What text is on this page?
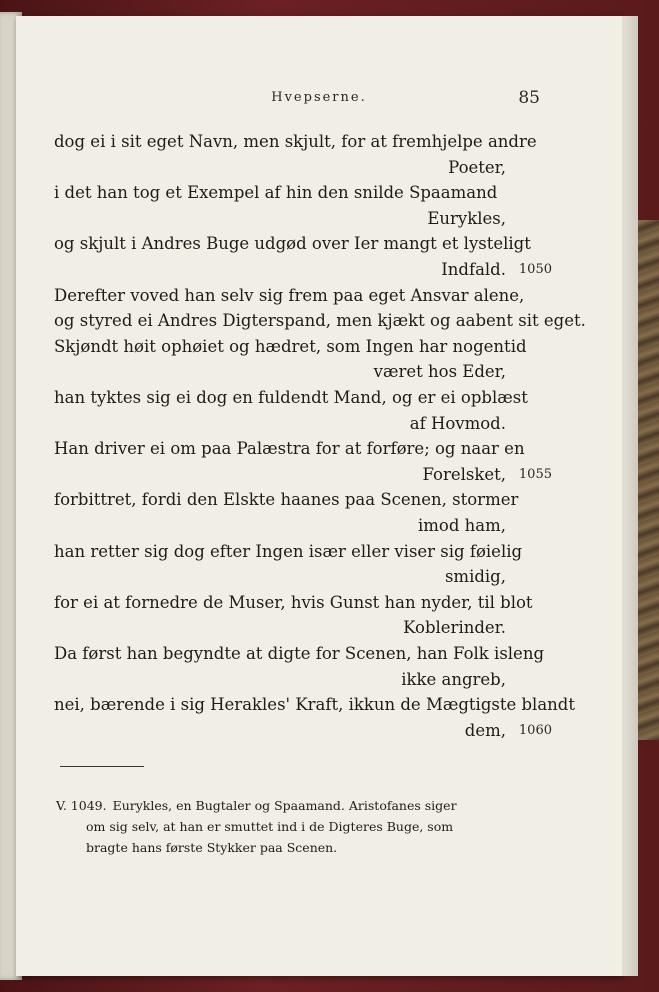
Hvepserne.	85
dog ei i sit eget Navn, men skjult, for at fremhjelpe andre
Poeter,
i det han tog et Exempel af hin den snilde Spaamand
Eurykles,
og skjult i Andres Buge udgød over Ier mangt et lysteligt
Indfald. 1050
Derefter voved han selv sig frem paa eget Ansvar alene,
og styred ei Andres Digterspand, men kjækt og aabent sit eget.
Skjøndt høit ophøiet og hædret, som Ingen har nogentid
været hos Eder,
han tyktes sig ei dog en fuldendt Mand, og er ei opblæst
af Hovmod.
Han driver ei om paa Palæstra for at forføre; og naar en
Forelsket, 1055
forbittret, fordi den Elskte haanes paa Scenen, stormer
imod ham,
han retter sig dog efter Ingen især eller viser sig føielig
smidig,
for ei at fornedre de Muser, hvis Gunst han nyder, til blot
Koblerinder.
Da først han begyndte at digte for Scenen, han Folk isleng
ikke angreb,
nei, bærende i sig Herakles' Kraft, ikkun de Mægtigste blandt
dem, 1060
V. 1049. Eurykles, en Bugtaler og Spaamand. Aristofanes siger
om sig selv, at han er smuttet ind i de Digteres Buge, som
bragte hans første Stykker paa Scenen.
